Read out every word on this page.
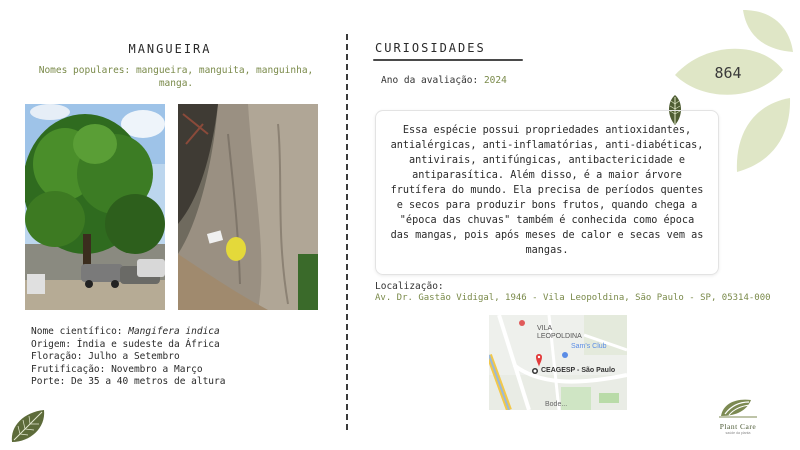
864
MANGUEIRA
Nomes populares: mangueira, manguita, manguinha, manga.
Nome científico: Mangifera indica
Origem: Índia e sudeste da África
Floração: Julho a Setembro
Frutificação: Novembro a Março
Porte: De 35 a 40 metros de altura
CURIOSIDADES
Ano da avaliação: 2024
Essa espécie possui propriedades antioxidantes, antialérgicas, anti-inflamatórias, anti-diabéticas, antivirais, antifúngicas, antibactericidade e antiparasítica. Além disso, é a maior árvore frutífera do mundo. Ela precisa de períodos quentes e secos para produzir bons frutos, quando chega a "época das chuvas" também é conhecida como época das mangas, pois após meses de calor e secas vem as mangas.
Localização:
Av. Dr. Gastão Vidigal, 1946 - Vila Leopoldina, São Paulo - SP, 05314-000
VILA LEOPOLDINA
Sam's Club
CEAGESP - São Paulo
Bode...
Plant Care
saúde da planta
